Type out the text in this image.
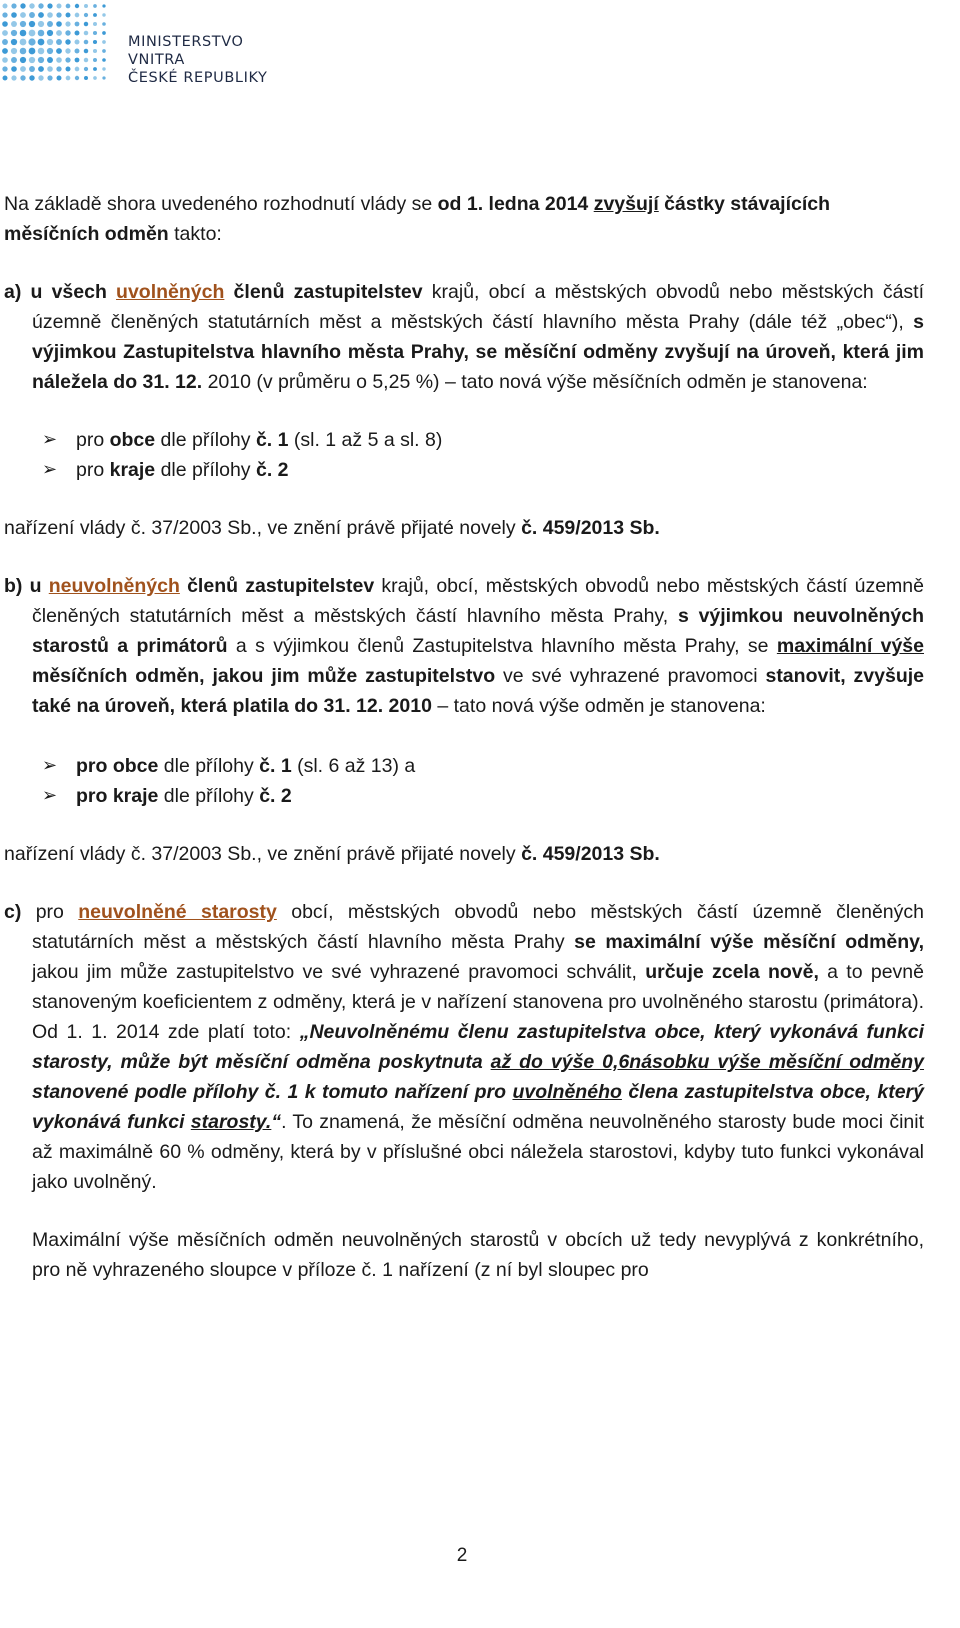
MINISTERSTVO VNITRA
ČESKÉ REPUBLIKY

Na základě shora uvedeného rozhodnutí vlády se od 1. ledna 2014 zvyšují částky stávajících měsíčních odměn takto:

a) u všech uvolněných členů zastupitelstev krajů, obcí a městských obvodů nebo městských částí územně členěných statutárních měst a městských částí hlavního města Prahy (dále též „obec“), s výjimkou Zastupitelstva hlavního města Prahy, se měsíční odměny zvyšují na úroveň, která jim náležela do 31. 12. 2010 (v průměru o 5,25 %) – tato nová výše měsíčních odměn je stanovena:

➢ pro obce dle přílohy č. 1 (sl. 1 až 5 a sl. 8)
➢ pro kraje dle přílohy č. 2

nařízení vlády č. 37/2003 Sb., ve znění právě přijaté novely č. 459/2013 Sb.

b) u neuvolněných členů zastupitelstev krajů, obcí, městských obvodů nebo městských částí územně členěných statutárních měst a městských částí hlavního města Prahy, s výjimkou neuvolněných starostů a primátorů a s výjimkou členů Zastupitelstva hlavního města Prahy, se maximální výše měsíčních odměn, jakou jim může zastupitelstvo ve své vyhrazené pravomoci stanovit, zvyšuje také na úroveň, která platila do 31. 12. 2010 – tato nová výše odměn je stanovena:

➢ pro obce dle přílohy č. 1 (sl. 6 až 13) a
➢ pro kraje dle přílohy č. 2

nařízení vlády č. 37/2003 Sb., ve znění právě přijaté novely č. 459/2013 Sb.

c) pro neuvolněné starosty obcí, městských obvodů nebo městských částí územně členěných statutárních měst a městských částí hlavního města Prahy se maximální výše měsíční odměny, jakou jim může zastupitelstvo ve své vyhrazené pravomoci schválit, určuje zcela nově, a to pevně stanoveným koeficientem z odměny, která je v nařízení stanovena pro uvolněného starostu (primátora). Od 1. 1. 2014 zde platí toto: „Neuvolněnému členu zastupitelstva obce, který vykonává funkci starosty, může být měsíční odměna poskytnuta až do výše 0,6násobku výše měsíční odměny stanovené podle přílohy č. 1 k tomuto nařízení pro uvolněného člena zastupitelstva obce, který vykonává funkci starosty.“. To znamená, že měsíční odměna neuvolněného starosty bude moci činit až maximálně 60 % odměny, která by v příslušné obci náležela starostovi, kdyby tuto funkci vykonával jako uvolněný.

Maximální výše měsíčních odměn neuvolněných starostů v obcích už tedy nevyplývá z konkrétního, pro ně vyhrazeného sloupce v příloze č. 1 nařízení (z ní byl sloupec pro

2
